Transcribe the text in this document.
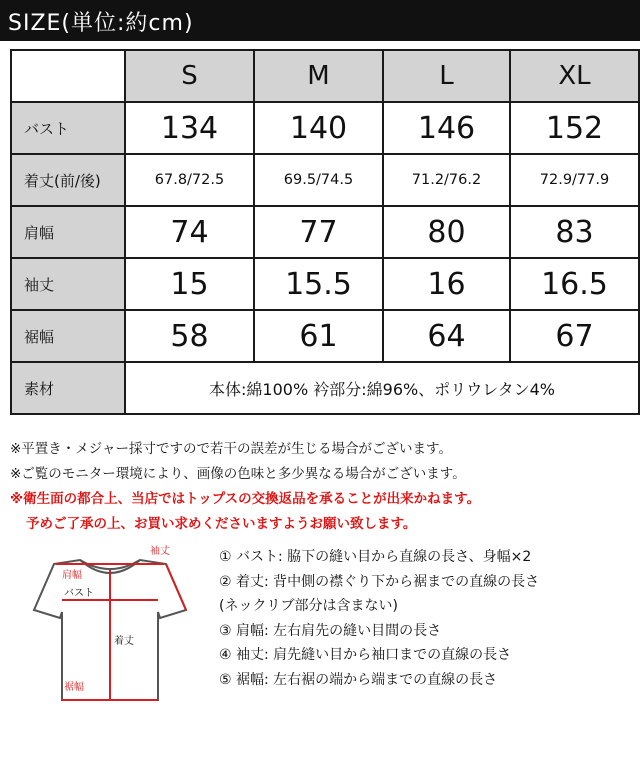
SIZE(単位:約cm)
	S	M	L	XL
バスト	134	140	146	152
着丈(前/後)	67.8/72.5	69.5/74.5	71.2/76.2	72.9/77.9
肩幅	74	77	80	83
袖丈	15	15.5	16	16.5
裾幅	58	61	64	67
素材	本体:綿100% 衿部分:綿96%、ポリウレタン4%			
※平置き・メジャー採寸ですので若干の誤差が生じる場合がございます。
※ご覧のモニター環境により、画像の色味と多少異なる場合がございます。
※衛生面の都合上、当店ではトップスの交換返品を承ることが出来かねます。
予めご了承の上、お買い求めくださいますようお願い致します。
袖丈
肩幅
バスト
着丈
裾幅
① バスト: 脇下の縫い目から直線の長さ、身幅×2
② 着丈: 背中側の襟ぐり下から裾までの直線の長さ
(ネックリブ部分は含まない)
③ 肩幅: 左右肩先の縫い目間の長さ
④ 袖丈: 肩先縫い目から袖口までの直線の長さ
⑤ 裾幅: 左右裾の端から端までの直線の長さ
